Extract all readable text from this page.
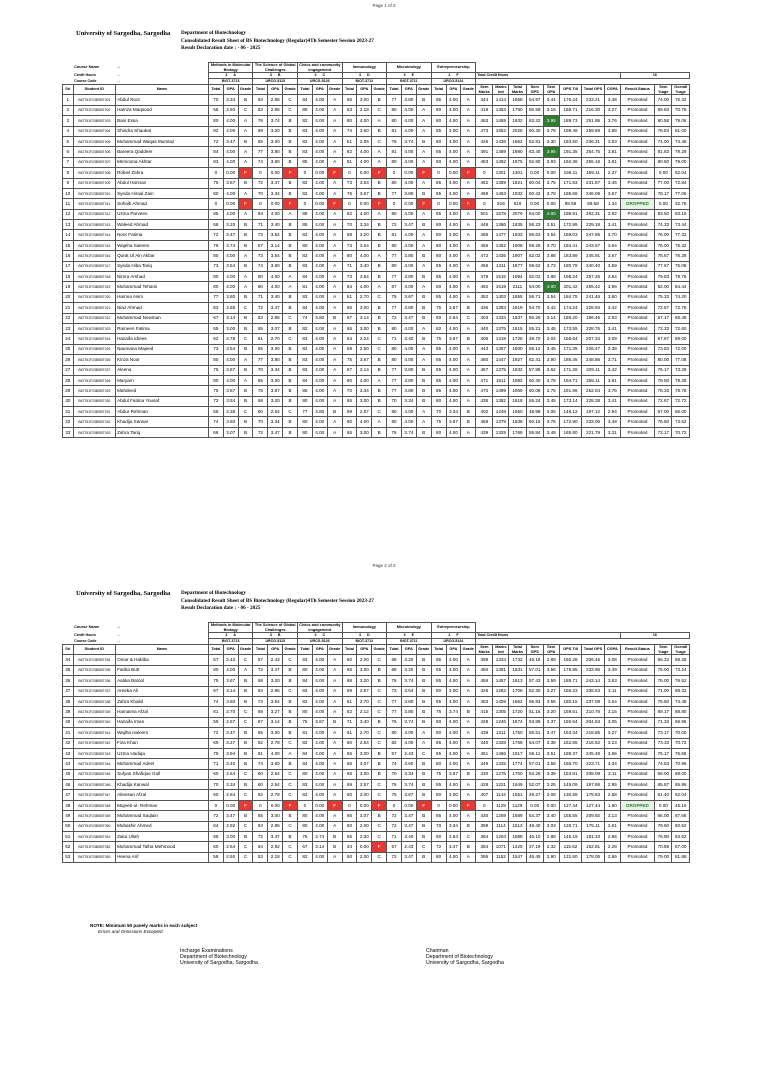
Page 1 of 2
University of Sargodha, Sargodha Department of Biotechnology
Consolidated Result Sheet of BS Biotechnology (Regular)4Th Semester Session 2023-27
Result Declaration date : - 06 - 2025
	Course Name	→	Methods in Molecular Biology			The Science of Global Challenges			Civics and community engagement			Immunology			Microbiology			Entrepreneurship													
	Credit Hours	→	3 A			3 B			2 C			3 D			3 E			2 F			Total Credit Hours								16		
	Course Code	→	BIOT-3713			URCG-5115			URCG-5126			BIOT-3712			BIOT-3711			URCG-5124													
Srl	Student ID	Name	Total	GPA	Grade	Total	GPA	Grade	Total	GPA	Grade	Total	GPA	Grade	Total	GPA	Grade	Total	GPA	Grade	Sem Marks	Marks Ind	Total Marks	Sem GPS	Sem GPA	GPS Till	Total GPS	CGPA	Result Status	Sem %age	Overall %age
1	BIOT51F23BSBT001	Abdul Noor	70	3.34	B	63	2.85	C	84	4.00	A	65	3.00	B	77	3.80	B	85	4.00	A	444	1414	1858	54.97	3.44	176.24	233.21	3.48	Promoted	74.00	76.32
2	BIOT51F23BSBT002	Hamza Maqsood	58	2.50	C	63	2.85	C	85	4.00	A	53	2.18	C	80	4.00	A	80	4.00	A	419	1353	1780	50.59	3.16	169.71	216.30	3.27	Promoted	69.83	70.76
3	BIOT51F23BSBT003	Bani Essa	80	4.00	A	76	3.74	B	82	4.00	A	80	4.00	A	80	4.00	A	80	4.00	A	463	1469	1932	63.22	3.95	189.73	251.95	3.76	Promoted	80.58	79.06
4	BIOT51F23BSBT004	Shindra Shaukat	82	4.00	A	68	3.20	B	83	4.00	A	74	3.60	B	81	4.00	A	85	4.00	A	473	1552	2025	60.40	3.78	199.49	259.89	3.88	Promoted	78.83	81.00
5	BIOT51F23BSBT005	Muhammad Waqas Mumtaz	72	3.47	B	65	3.00	B	82	4.00	A	51	2.06	C	76	3.74	B	80	4.00	A	426	1436	1862	52.81	3.30	183.50	236.31	3.53	Promoted	71.00	74.46
6	BIOT51F23BSBT006	Bareera Qaddeer	84	4.00	A	77	3.80	B	83	4.00	A	82	4.00	A	81	4.00	A	85	4.00	A	491	1489	1980	63.40	3.96	191.35	254.75	3.81	Promoted	81.83	79.29
7	BIOT51F23BSBT007	Memoona Akhtar	83	4.00	A	74	3.60	B	85	4.00	A	81	4.00	A	80	4.00	A	80	4.00	A	483	1492	1975	62.80	3.93	192.36	255.16	3.81	Promoted	80.50	79.00
8	BIOT51F23BSBT008	Robiel Zahra	0	0.00	F	0	0.00	F	0	0.00	F	0	0.00	F	0	0.00	F	0	0.00	F	0	1301	1301	0.00	0.00	159.11	159.11	2.37	Promoted	0.00	52.04
9	BIOT51F23BSBT009	Abdul Hannan	75	3.67	B	72	3.47	B	82	4.00	A	73	3.54	B	80	4.00	A	85	4.00	A	462	1359	1821	60.04	3.75	171.83	231.87	3.46	Promoted	77.00	72.84
10	BIOT51F23BSBT010	Syeda Hiraal Zain	80	4.00	A	70	3.34	B	82	4.00	A	75	3.67	B	77	3.80	B	85	4.00	A	469	1463	1932	60.42	3.78	185.66	246.09	3.67	Promoted	78.17	77.06
11	BIOT51F23BSBT011	Sohaib Ahmad	0	0.00	F	0	0.00	F	0	0.00	F	0	0.00	F	0	0.00	F	0	0.00	F	0	819	819	0.00	0.00	89.58	89.58	1.34	DROPPED	0.00	32.76
12	BIOT51F23BSBT012	Uzma Parveen	85	4.00	A	84	4.00	A	88	4.00	A	82	4.00	A	80	4.00	A	85	4.00	A	501	1578	2079	64.00	4.00	198.91	262.31	3.92	Promoted	83.50	83.16
13	BIOT51F23BSBT013	Waleed Ahmad	68	3.20	B	71	3.40	B	85	4.00	A	70	3.34	B	72	3.47	B	80	4.00	A	449	1386	1835	56.23	3.51	172.95	229.18	3.41	Promoted	74.33	73.44
14	BIOT51F23BSBT014	Noor Fatima	72	3.47	B	73	3.54	B	82	4.00	A	68	3.20	B	81	4.00	A	80	4.00	A	456	1477	1933	56.63	3.54	189.03	247.66	3.70	Promoted	76.00	77.32
15	BIOT51F23BSBT015	Wajeha Saleem	76	3.74	B	67	3.14	B	80	4.00	A	73	3.54	B	80	4.00	A	80	4.00	A	456	1452	1908	59.26	3.70	184.41	243.67	3.64	Promoted	76.00	76.32
16	BIOT51F23BSBT016	Qurat Ul Ain Akbar	80	4.00	A	73	3.54	B	82	4.00	A	80	4.00	A	77	3.80	B	80	4.00	A	472	1435	1907	62.02	3.88	183.89	245.91	3.67	Promoted	78.67	76.28
17	BIOT51F23BSBT017	Syeda Hiba Tariq	73	3.54	B	74	3.60	B	83	4.00	A	71	3.40	B	80	4.00	A	85	4.00	A	466	1411	1877	59.62	3.73	180.78	240.40	3.59	Promoted	77.67	75.08
18	BIOT51F23BSBT018	Nimra Arshad	80	4.00	A	80	4.00	A	84	4.00	A	73	3.54	B	77	3.80	B	85	4.00	A	479	1515	1994	62.02	3.88	195.24	257.26	3.84	Promoted	79.83	79.76
19	BIOT51F23BSBT019	Muhammad Tehami	80	4.00	A	80	4.00	A	81	4.00	A	84	4.00	A	87	4.00	A	80	4.00	A	492	1619	2111	64.00	4.00	201.42	265.42	3.96	Promoted	82.00	84.44
20	BIOT51F23BSBT020	Hamna Asim	77	3.80	B	71	3.40	B	83	4.00	A	61	2.70	C	75	3.67	B	85	4.00	A	452	1403	1855	56.71	3.54	184.75	241.46	3.60	Promoted	75.33	74.20
21	BIOT51F23BSBT021	Niaz Ahmad	63	2.85	C	72	3.47	B	84	4.00	A	65	3.00	B	77	3.80	B	75	3.67	B	436	1383	1819	54.70	3.42	174.24	228.94	3.42	Promoted	72.67	72.76
22	BIOT51F23BSBT022	Muhammad Nowman	67	3.14	B	63	2.85	C	74	3.60	B	67	3.14	B	72	3.47	B	60	2.64	C	403	1334	1637	50.26	3.14	166.20	196.46	2.93	Promoted	67.17	65.48
23	BIOT51F23BSBT023	Rameen Fatima	65	3.00	B	65	3.07	B	82	4.00	A	65	3.00	B	80	4.00	A	82	4.00	A	440	1375	1815	55.21	3.45	173.55	228.76	3.41	Promoted	73.33	72.60
24	BIOT51F23BSBT024	Hazaifa Idrees	62	2.78	C	61	2.70	C	83	4.00	A	54	2.24	C	71	3.40	B	75	3.67	B	406	1319	1725	48.70	3.04	158.64	207.34	3.09	Promoted	67.67	69.00
25	BIOT51F23BSBT025	Naumana Majeed	73	3.54	B	65	3.00	B	82	4.00	A	58	2.50	C	80	4.00	A	85	4.00	A	443	1357	1800	55.12	3.45	171.35	226.47	3.38	Promoted	73.83	72.00
26	BIOT51F23BSBT026	Kinza Noor	80	4.00	A	77	3.80	B	83	4.00	A	75	3.67	B	80	4.00	A	85	4.00	A	480	1447	1927	62.41	3.90	186.45	248.86	3.71	Promoted	80.00	77.08
27	BIOT51F23BSBT027	Aleena	75	3.67	B	70	3.34	B	83	4.00	A	67	3.14	B	77	3.80	B	85	4.00	A	457	1375	1832	57.85	3.62	171.26	229.11	3.42	Promoted	76.17	73.28
28	BIOT51F23BSBT028	Maryam	80	4.00	A	65	3.00	B	84	4.00	A	80	4.00	A	77	3.80	B	85	4.00	A	471	1511	1982	60.40	3.78	194.71	255.11	3.81	Promoted	78.50	79.28
29	BIOT51F23BSBT029	Mahdeed	75	3.67	B	78	3.87	B	85	4.00	A	70	3.34	B	77	3.80	B	85	4.00	A	470	1499	1969	60.08	3.75	191.96	252.04	3.76	Promoted	78.33	78.76
30	BIOT51F23BSBT030	Abdul Fatima Yousaf	73	3.54	B	68	3.20	B	80	4.00	A	65	3.00	B	70	3.34	B	80	4.00	A	436	1382	1818	55.24	3.45	173.14	228.38	3.41	Promoted	72.67	72.72
31	BIOT51F23BSBT031	Abdur Rehman	56	2.36	C	60	2.64	C	77	3.80	B	59	2.57	C	80	4.00	A	70	3.34	B	402	1248	1650	48.98	3.06	148.12	197.12	2.94	Promoted	67.00	66.00
32	BIOT51F23BSBT032	Khadija Sarwar	74	3.60	B	70	3.34	B	80	4.00	A	80	4.00	A	80	4.00	A	75	3.67	B	459	1379	1838	60.16	3.76	172.90	233.06	3.48	Promoted	76.50	73.52
33	BIOT51F23BSBT033	Zahra Tariq	66	3.07	B	72	3.47	B	80	4.00	A	65	3.00	B	76	3.74	B	80	4.00	A	439	1329	1768	55.84	3.49	165.80	221.79	3.31	Promoted	73.17	70.72
Page 2 of 2
University of Sargodha, Sargodha Department of Biotechnology
Consolidated Result Sheet of BS Biotechnology (Regular)4Th Semester Session 2023-27
Result Declaration date : - 06 - 2025
	Course Name	→	Methods in Molecular Biology			The Science of Global Challenges			Civics and community engagement			Immunology			Microbiology			Entrepreneurship													
	Credit Hours	→	3 A			3 B			2 C			3 D			3 E			2 F			Total Credit Hours								16		
	Course Code	→	BIOT-3713			URCG-5115			URCG-5126			BIOT-3712			BIOT-3711			URCG-5124													
Srl	Student ID	Name	Total	GPA	Grade	Total	GPA	Grade	Total	GPA	Grade	Total	GPA	Grade	Total	GPA	Grade	Total	GPA	Grade	Sem Marks	Marks Ind	Total Marks	Sem GPS	Sem GPA	GPS Till	Total GPS	CGPA	Result Status	Sem %age	Overall %age
34	BIOT51F23BSBT034	Omar & Habiba	57	2.43	C	57	2.43	C	83	4.00	A	50	2.00	C	68	3.20	B	85	4.00	A	398	1334	1732	46.18	2.89	160.28	206.46	3.08	Promoted	66.33	69.28
35	BIOT51F23BSBT035	Fatiha Butt	80	4.00	A	72	3.47	B	80	4.00	A	65	3.00	B	68	3.20	B	85	4.00	A	450	1381	1831	57.01	3.56	176.95	233.96	3.49	Promoted	75.00	73.24
36	BIOT51F23BSBT036	Aatika Batool	75	3.67	B	68	3.20	B	84	4.00	A	68	3.20	B	76	3.74	B	85	4.00	A	456	1457	1913	57.43	3.59	185.71	243.14	3.63	Promoted	76.00	76.52
37	BIOT51F23BSBT037	Areeba Ali	67	3.14	B	63	2.85	C	84	4.00	A	59	2.57	C	73	3.54	B	80	4.00	A	426	1282	1708	52.30	3.27	156.23	208.53	3.11	Promoted	71.00	68.32
38	BIOT51F23BSBT038	Zahra Khalid	74	3.60	B	73	3.54	B	82	4.00	A	61	2.70	C	77	3.80	B	85	4.00	A	453	1409	1862	56.93	3.56	180.15	237.08	3.54	Promoted	75.50	74.48
39	BIOT51F23BSBT039	Hamaima Afzal	61	2.70	C	69	3.27	B	80	4.00	A	52	2.12	C	77	3.80	B	76	3.74	B	415	1305	1720	51.15	3.20	159.61	210.76	3.15	Promoted	69.17	68.80
40	BIOT51F23BSBT040	Hazaifa Iman	59	2.57	C	67	3.14	B	75	3.67	B	71	3.40	B	76	3.74	B	80	4.00	A	428	1246	1674	53.89	3.37	150.64	204.53	3.05	Promoted	71.33	66.96
41	BIOT51F23BSBT041	Wajiha Haleem	72	3.47	B	65	3.00	B	81	4.00	A	61	2.70	C	80	4.00	A	80	4.00	A	439	1311	1750	55.51	3.47	163.34	218.85	3.27	Promoted	73.17	70.00
42	BIOT51F23BSBT042	Fiza Khan	69	3.27	B	62	2.78	C	82	4.00	A	60	2.64	C	82	4.00	A	85	4.00	A	440	1328	1768	54.07	3.38	162.55	216.62	3.23	Promoted	73.33	70.72
43	BIOT51F23BSBT043	Uzma Hadiqa	79	3.94	B	81	4.00	A	84	4.00	A	65	3.00	B	57	2.43	C	85	4.00	A	451	1466	1917	56.11	3.51	189.37	245.48	3.66	Promoted	75.17	76.68
44	BIOT51F23BSBT044	Muhammad Adeel	71	3.40	B	74	3.60	B	84	4.00	A	66	3.07	B	74	3.60	B	80	4.00	A	449	1325	1774	57.01	3.56	166.70	223.71	3.34	Promoted	74.83	70.96
45	BIOT51F23BSBT045	Sufyan Shafique Gull	60	2.64	C	60	2.64	C	80	4.00	A	65	3.00	B	70	3.34	B	75	3.67	B	430	1276	1700	54.28	3.39	153.81	208.09	3.11	Promoted	66.00	68.00
46	BIOT51F23BSBT046	Khadija Kanwal	70	3.34	B	60	2.64	C	83	4.00	A	59	2.57	C	76	3.74	B	85	4.00	A	428	1221	1649	52.07	3.25	145.09	197.86	2.95	Promoted	65.87	65.96
47	BIOT51F23BSBT047	Aiteesan Afzal	60	2.64	C	62	2.78	C	82	4.00	A	50	2.00	C	75	3.67	B	80	4.00	A	407	1144	1551	49.27	3.08	130.56	179.83	2.68	Promoted	61.40	62.04
48	BIOT51F23BSBT048	Mujeeb-ul- Rehman	0	0.00	F	0	0.00	F	0	0.00	F	0	0.00	F	0	0.00	F	0	0.00	F	0	1129	1129	0.00	0.00	127.44	127.44	1.90	DROPPED	0.00	45.16
49	BIOT51F23BSBT049	Muhammad Saqlain	72	3.47	B	65	3.00	B	80	4.00	A	66	3.07	B	72	3.47	B	85	4.00	A	430	1259	1689	54.37	3.40	155.55	209.92	3.13	Promoted	66.00	67.56
50	BIOT51F23BSBT050	Mubashir Ahmed	64	2.92	C	63	2.85	C	80	4.00	A	50	2.00	C	72	3.47	B	70	3.34	B	399	1114	1513	48.40	3.03	126.71	175.11	2.61	Promoted	79.60	60.52
51	BIOT51F23BSBT051	Zaka Ullah	65	3.00	B	72	3.47	B	76	3.74	B	55	2.30	C	71	3.40	B	60	2.64	C	384	1204	1588	46.10	2.88	145.19	191.33	2.86	Promoted	76.80	63.52
52	BIOT51F23BSBT052	Muhammad Talha Mehmood	60	2.64	C	64	2.92	C	67	3.14	B	34	0.00	F	57	2.43	C	72	3.47	B	354	1071	1425	37.19	2.32	115.62	152.81	2.28	Promoted	70.88	57.00
53	BIOT51F23BSBT053	Heena Arif	58	2.50	C	53	2.18	C	82	4.00	A	50	2.00	C	72	3.47	B	80	4.00	A	395	1152	1547	46.45	2.90	131.60	178.05	2.66	Promoted	79.00	61.88
NOTE: Minimum 50 panely marks in each subject
Errors and Omissions Excepted
Incharge Examinations
Department of Biotechnology
University of Sargodha, Sargodha
Chairman
Department of Biotechnology
University of Sargodha, Sargodha
